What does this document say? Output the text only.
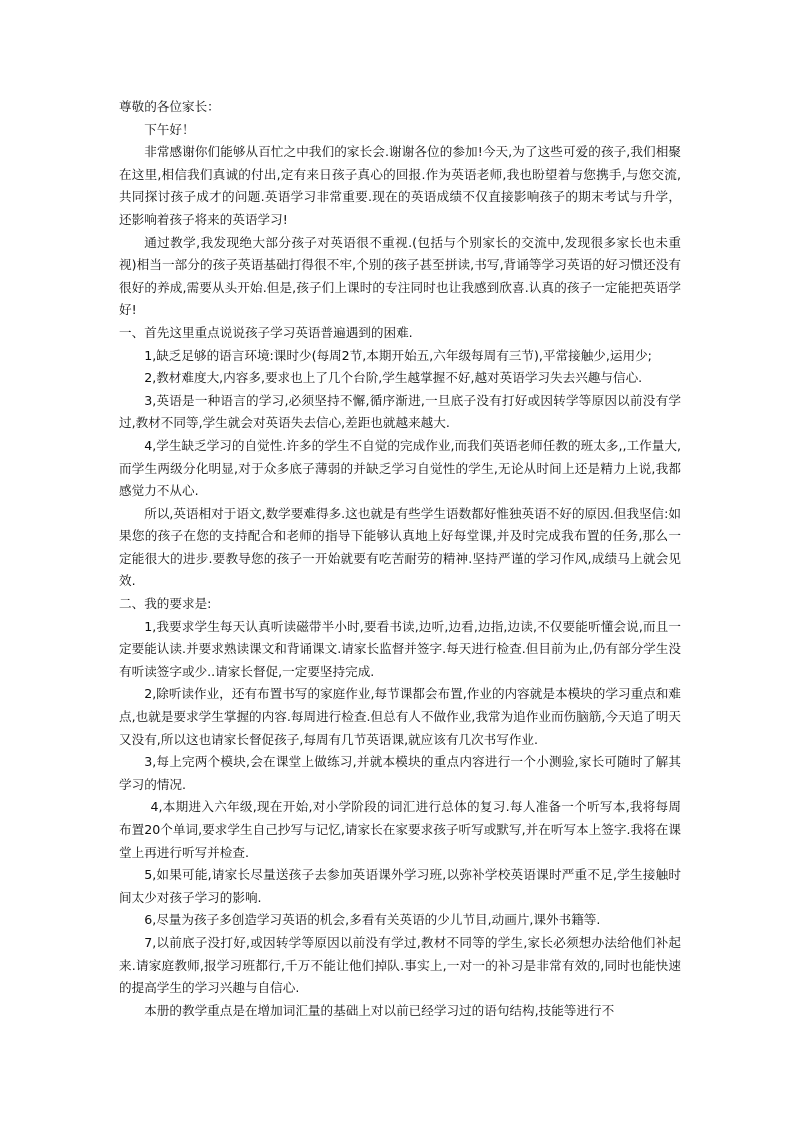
尊敬的各位家长：

下午好！

非常感谢你们能够从百忙之中我们的家长会.谢谢各位的参加!今天,为了这些可爱的孩子,我们相聚在这里,相信我们真诚的付出,定有来日孩子真心的回报.作为英语老师,我也盼望着与您携手,与您交流,共同探讨孩子成才的问题.英语学习非常重要.现在的英语成绩不仅直接影响孩子的期末考试与升学，还影响着孩子将来的英语学习!

通过教学,我发现绝大部分孩子对英语很不重视.(包括与个别家长的交流中,发现很多家长也未重视)相当一部分的孩子英语基础打得很不牢,个别的孩子甚至拼读,书写,背诵等学习英语的好习惯还没有很好的养成,需要从头开始.但是,孩子们上课时的专注同时也让我感到欣喜.认真的孩子一定能把英语学好!

一、首先这里重点说说孩子学习英语普遍遇到的困难.

1,缺乏足够的语言环境:课时少(每周2节,本期开始五,六年级每周有三节),平常接触少,运用少;

2,教材难度大,内容多,要求也上了几个台阶,学生越掌握不好,越对英语学习失去兴趣与信心.

3,英语是一种语言的学习,必须坚持不懈,循序渐进,一旦底子没有打好或因转学等原因以前没有学过,教材不同等,学生就会对英语失去信心,差距也就越来越大.

4,学生缺乏学习的自觉性.许多的学生不自觉的完成作业,而我们英语老师任教的班太多,,工作量大,而学生两级分化明显,对于众多底子薄弱的并缺乏学习自觉性的学生,无论从时间上还是精力上说,我都感觉力不从心.

所以,英语相对于语文,数学要难得多.这也就是有些学生语数都好惟独英语不好的原因.但我坚信:如果您的孩子在您的支持配合和老师的指导下能够认真地上好每堂课,并及时完成我布置的任务,那么一定能很大的进步.要教导您的孩子一开始就要有吃苦耐劳的精神.坚持严谨的学习作风,成绩马上就会见效.

二、我的要求是:

1,我要求学生每天认真听读磁带半小时,要看书读,边听,边看,边指,边读,不仅要能听懂会说,而且一定要能认读.并要求熟读课文和背诵课文.请家长监督并签字.每天进行检查.但目前为止,仍有部分学生没有听读签字或少..请家长督促,一定要坚持完成.

2,除听读作业，还有布置书写的家庭作业,每节课都会布置,作业的内容就是本模块的学习重点和难点,也就是要求学生掌握的内容.每周进行检查.但总有人不做作业,我常为追作业而伤脑筋,今天追了明天又没有,所以这也请家长督促孩子,每周有几节英语课,就应该有几次书写作业.

3,每上完两个模块,会在课堂上做练习,并就本模块的重点内容进行一个小测验,家长可随时了解其学习的情况.

4,本期进入六年级,现在开始,对小学阶段的词汇进行总体的复习.每人准备一个听写本,我将每周布置20个单词,要求学生自己抄写与记忆,请家长在家要求孩子听写或默写,并在听写本上签字.我将在课堂上再进行听写并检查.

5,如果可能,请家长尽量送孩子去参加英语课外学习班,以弥补学校英语课时严重不足,学生接触时间太少对孩子学习的影响.

6,尽量为孩子多创造学习英语的机会,多看有关英语的少儿节目,动画片,课外书籍等.

7,以前底子没打好,或因转学等原因以前没有学过,教材不同等的学生,家长必须想办法给他们补起来.请家庭教师,报学习班都行,千万不能让他们掉队.事实上,一对一的补习是非常有效的,同时也能快速的提高学生的学习兴趣与自信心.

本册的教学重点是在增加词汇量的基础上对以前已经学习过的语句结构,技能等进行不
